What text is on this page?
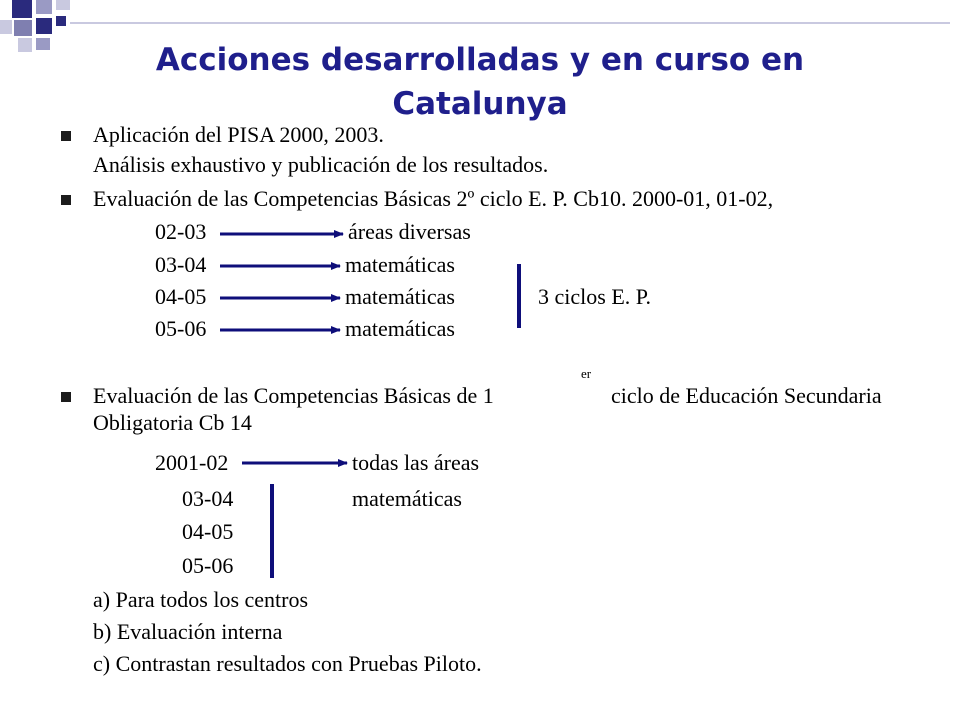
Acciones desarrolladas y en curso en
Catalunya
Aplicación del PISA 2000, 2003.
Análisis exhaustivo y publicación de los resultados.
Evaluación de las Competencias Básicas 2º ciclo E. P. Cb10. 2000-01, 01-02,
02-03	áreas diversas
03-04	matemáticas
04-05	matemáticas	3 ciclos E. P.
05-06	matemáticas
Evaluación de las Competencias Básicas de 1
er
ciclo de Educación Secundaria
Obligatoria Cb 14
2001-02	todas las áreas
03-04	matemáticas
04-05
05-06
a) Para todos los centros
b) Evaluación interna
c) Contrastan resultados con Pruebas Piloto.
